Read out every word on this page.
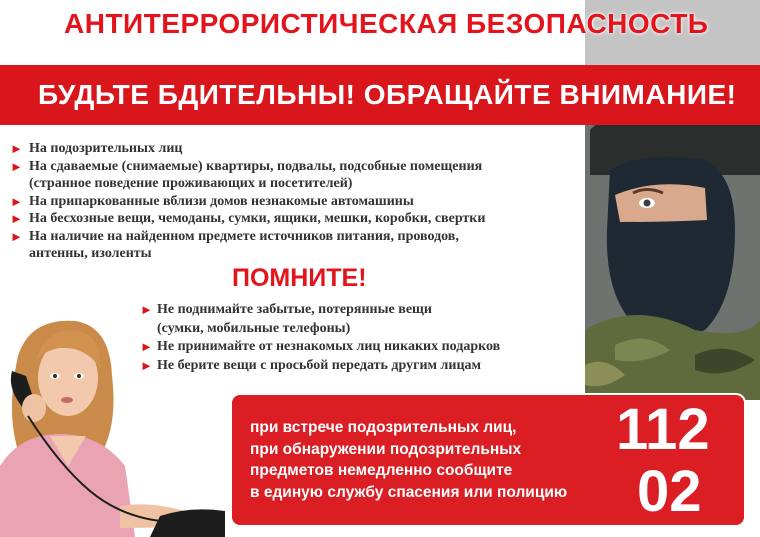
АНТИТЕРРОРИСТИЧЕСКАЯ БЕЗОПАСНОСТЬ
БУДЬТЕ БДИТЕЛЬНЫ! ОБРАЩАЙТЕ ВНИМАНИЕ!
► На подозрительных лиц
► На сдаваемые (снимаемые) квартиры, подвалы, подсобные помещения
(странное поведение проживающих и посетителей)
► На припаркованные вблизи домов незнакомые автомашины
► На бесхозные вещи, чемоданы, сумки, ящики, мешки, коробки, свертки
► На наличие на найденном предмете источников питания, проводов,
антенны, изоленты
ПОМНИТЕ!
► Не поднимайте забытые, потерянные вещи
(сумки, мобильные телефоны)
► Не принимайте от незнакомых лиц никаких подарков
► Не берите вещи с просьбой передать другим лицам
при встрече подозрительных лиц,
при обнаружении подозрительных
предметов немедленно сообщите
в единую службу спасения или полицию
112
02
